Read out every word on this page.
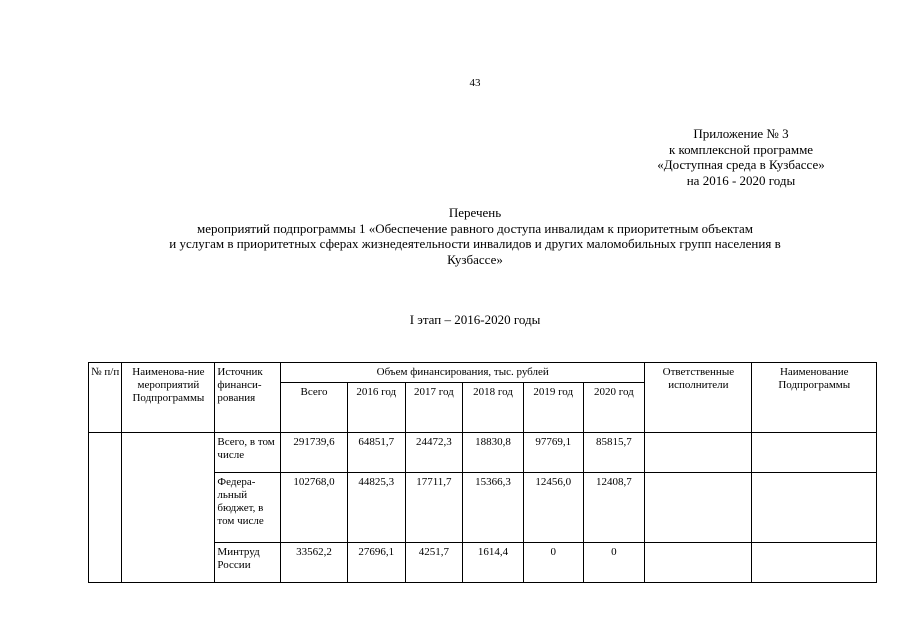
43
Приложение № 3
к комплексной программе
«Доступная среда в Кузбассе»
на 2016 - 2020 годы
Перечень
мероприятий подпрограммы 1 «Обеспечение равного доступа инвалидам к приоритетным объектам
и услугам в приоритетных сферах жизнедеятельности инвалидов и других маломобильных групп населения в
Кузбассе»
I этап – 2016-2020 годы
№ п/п	Наименова-ние мероприятий Подпрограммы	Источник финанси-рования	Объем финансирования, тыс. рублей						Ответственные исполнители	Наименование Подпрограммы
			Всего	2016 год	2017 год	2018 год	2019 год	2020 год		
		Всего, в том числе	291739,6	64851,7	24472,3	18830,8	97769,1	85815,7		
		Федера-льный бюджет, в том числе	102768,0	44825,3	17711,7	15366,3	12456,0	12408,7		
		Минтруд России	33562,2	27696,1	4251,7	1614,4	0	0		
